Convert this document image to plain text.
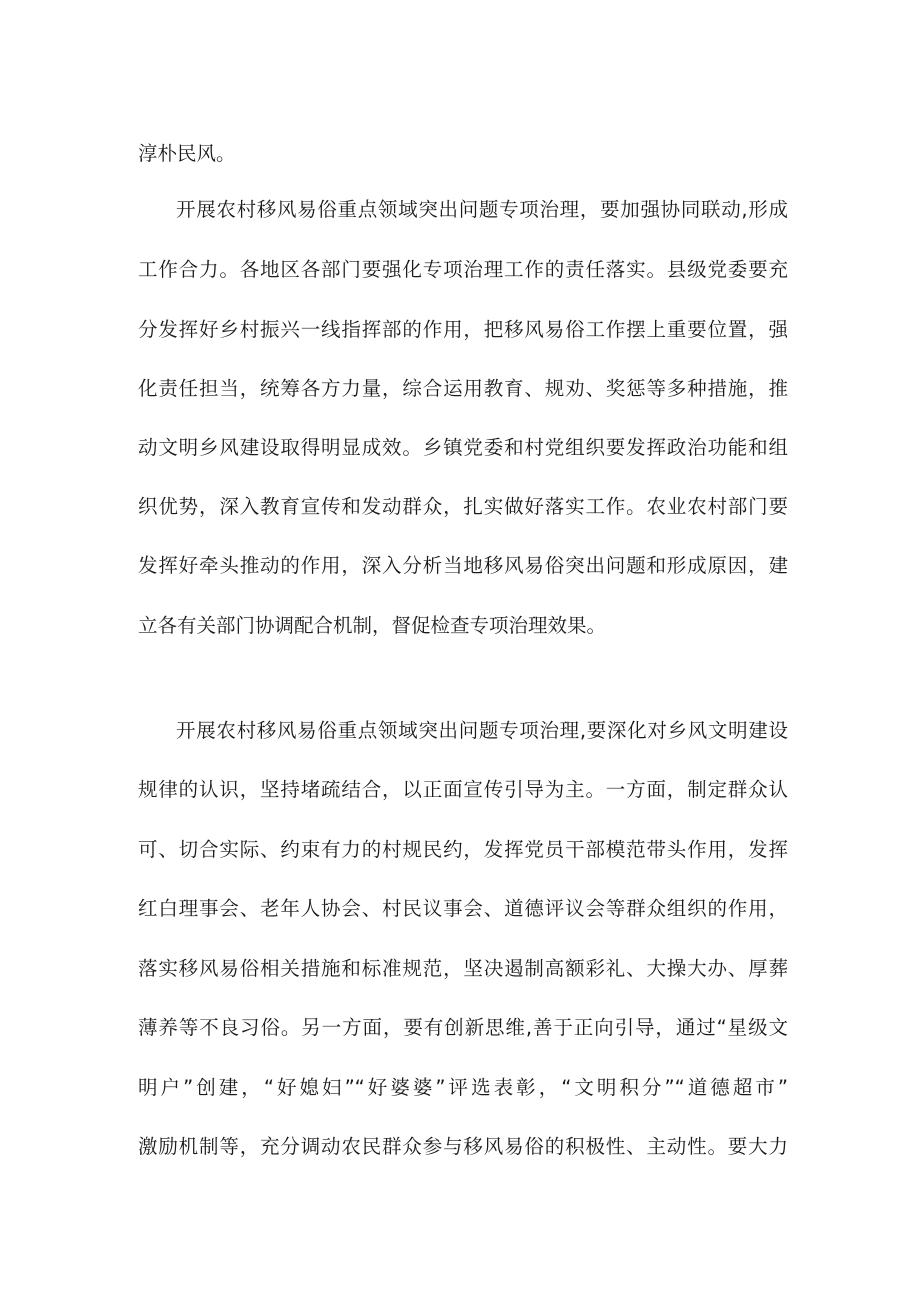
淳朴民风。

开展农村移风易俗重点领域突出问题专项治理，要加强协同联动,形成

工作合力。各地区各部门要强化专项治理工作的责任落实。县级党委要充

分发挥好乡村振兴一线指挥部的作用，把移风易俗工作摆上重要位置，强

化责任担当，统筹各方力量，综合运用教育、规劝、奖惩等多种措施，推

动文明乡风建设取得明显成效。乡镇党委和村党组织要发挥政治功能和组

织优势，深入教育宣传和发动群众，扎实做好落实工作。农业农村部门要

发挥好牵头推动的作用，深入分析当地移风易俗突出问题和形成原因，建

立各有关部门协调配合机制，督促检查专项治理效果。

开展农村移风易俗重点领域突出问题专项治理,要深化对乡风文明建设

规律的认识，坚持堵疏结合，以正面宣传引导为主。一方面，制定群众认

可、切合实际、约束有力的村规民约，发挥党员干部模范带头作用，发挥

红白理事会、老年人协会、村民议事会、道德评议会等群众组织的作用，

落实移风易俗相关措施和标准规范，坚决遏制高额彩礼、大操大办、厚葬

薄养等不良习俗。另一方面，要有创新思维,善于正向引导，通过“星级文

明户”创建，“好媳妇”“好婆婆”评选表彰，“文明积分”“道德超市”

激励机制等，充分调动农民群众参与移风易俗的积极性、主动性。要大力
